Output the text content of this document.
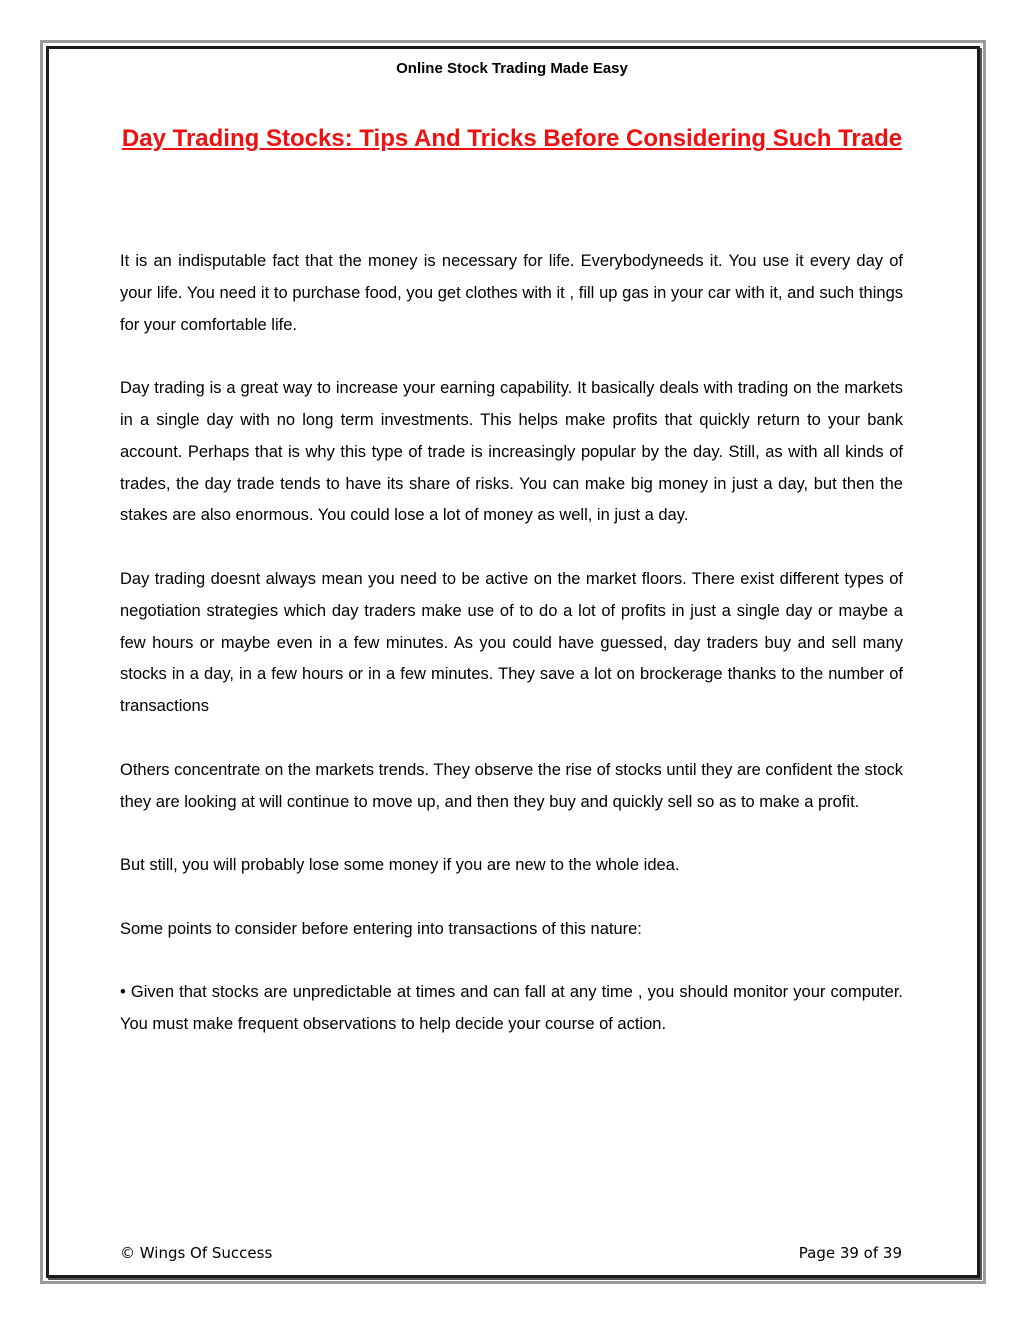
Online Stock Trading Made Easy
Day Trading Stocks: Tips And Tricks Before Considering Such Trade

It is an indisputable fact that the money is necessary for life. Everybodyneeds it. You use it every day of your life. You need it to purchase food, you get clothes with it , fill up gas in your car with it, and such things for your comfortable life.

Day trading is a great way to increase your earning capability. It basically deals with trading on the markets in a single day with no long term investments. This helps make profits that quickly return to your bank account. Perhaps that is why this type of trade is increasingly popular by the day. Still, as with all kinds of trades, the day trade tends to have its share of risks. You can make big money in just a day, but then the stakes are also enormous. You could lose a lot of money as well, in just a day.

Day trading doesnt always mean you need to be active on the market floors. There exist different types of negotiation strategies which day traders make use of to do a lot of profits in just a single day or maybe a few hours or maybe even in a few minutes. As you could have guessed, day traders buy and sell many stocks in a day, in a few hours or in a few minutes. They save a lot on brockerage thanks to the number of transactions

Others concentrate on the markets trends. They observe the rise of stocks until they are confident the stock they are looking at will continue to move up, and then they buy and quickly sell so as to make a profit.

But still, you will probably lose some money if you are new to the whole idea.

Some points to consider before entering into transactions of this nature:

• Given that stocks are unpredictable at times and can fall at any time , you should monitor your computer. You must make frequent observations to help decide your course of action.

© Wings Of Success	Page 39 of 39
